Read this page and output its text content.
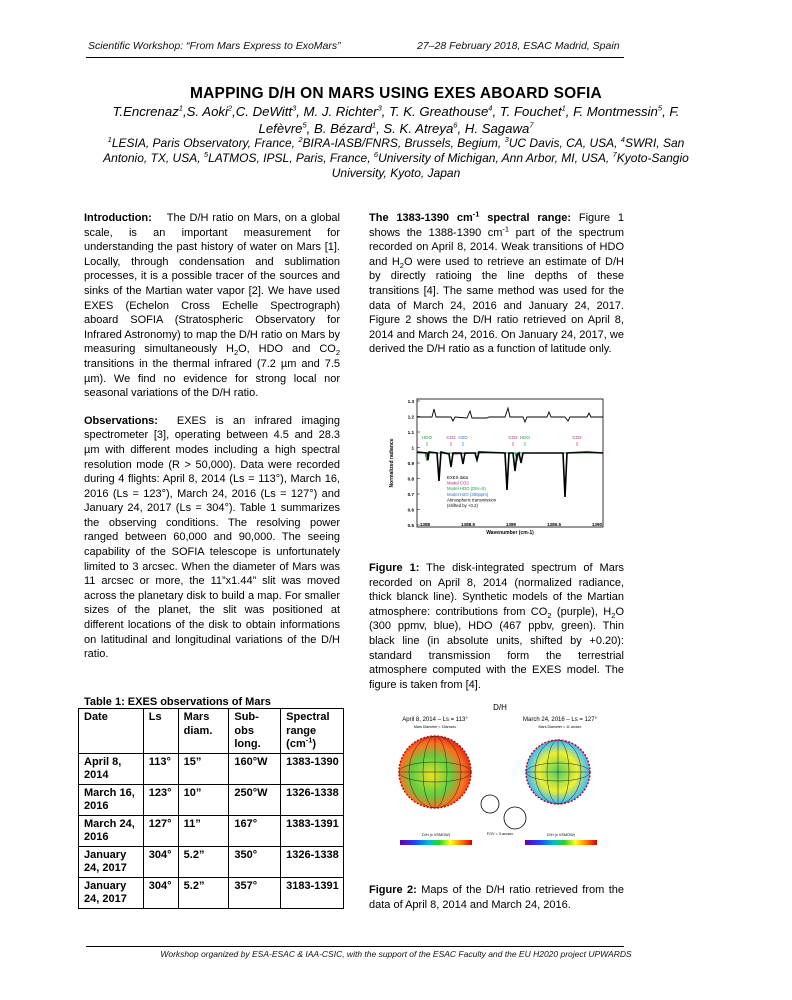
Scientific Workshop: “From Mars Express to ExoMars”	27–28 February 2018, ESAC Madrid, Spain
MAPPING D/H ON MARS USING EXES ABOARD SOFIA
T.Encrenaz$^1$,S. Aoki$^2$,C. DeWitt$^3$, M. J. Richter$^3$, T. K. Greathouse$^4$, T. Fouchet$^1$, F. Montmessin$^5$, F. Lefèvre$^5$, B. Bézard$^1$, S. K. Atreya$^6$, H. Sagawa$^7$
$^1$LESIA, Paris Observatory, France, $^2$BIRA-IASB/FNRS, Brussels, Begium, $^3$UC Davis, CA, USA, $^4$SWRI, San Antonio, TX, USA, $^5$LATMOS, IPSL, Paris, France, $^6$University of Michigan, Ann Arbor, MI, USA, $^7$Kyoto-Sangio University, Kyoto, Japan

Introduction: The D/H ratio on Mars, on a global scale, is an important measurement for understanding the past history of water on Mars [1]. Locally, through condensation and sublimation processes, it is a possible tracer of the sources and sinks of the Martian water vapor [2]. We have used EXES (Echelon Cross Echelle Spectrograph) aboard SOFIA (Stratospheric Observatory for Infrared Astronomy) to map the D/H ratio on Mars by measuring simultaneously $H_2O$, HDO and $CO_2$ transitions in the thermal infrared (7.2 µm and 7.5 µm). We find no evidence for strong local nor seasonal variations of the D/H ratio.

Observations: EXES is an infrared imaging spectrometer [3], operating between 4.5 and 28.3 µm with different modes including a high spectral resolution mode (R > 50,000). Data were recorded during 4 flights: April 8, 2014 (Ls = 113°), March 16, 2016 (Ls = 123°), March 24, 2016 (Ls = 127°) and January 24, 2017 (Ls = 304°). Table 1 summarizes the observing conditions. The resolving power ranged between 60,000 and 90,000. The seeing capability of the SOFIA telescope is unfortunately limited to 3 arcsec. When the diameter of Mars was 11 arcsec or more, the 11”x1.44” slit was moved across the planetary disk to build a map. For smaller sizes of the planet, the slit was positioned at different locations of the disk to obtain informations on latitudinal and longitudinal variations of the D/H ratio.

Table 1: EXES observations of Mars
Date	Ls	Mars diam.	Sub-obs long.	Spectral range $(cm^{-1})$
April 8, 2014	113°	15”	160°W	1383-1390
March 16, 2016	123°	10”	250°W	1326-1338
March 24, 2016	127°	11”	167°	1383-1391
January 24, 2017	304°	5.2”	350°	1326-1338
January 24, 2017	304°	5.2”	357°	3183-1391

The 1383-1390 $cm^{-1}$ spectral range: Figure 1 shows the 1388-1390 $cm^{-1}$ part of the spectrum recorded on April 8, 2014. Weak transitions of HDO and $H_2O$ were used to retrieve an estimate of D/H by directly ratioing the line depths of these transitions [4]. The same method was used for the data of March 24, 2016 and January 24, 2017. Figure 2 shows the D/H ratio retrieved on April 8, 2014 and March 24, 2016. On January 24, 2017, we derived the D/H ratio as a function of latitude only.

1.3
1.2
1.1
1
0.9
0.8
0.7
0.6
0.5 1388	1388.5	1389	1389.5	1390
HDO	CO2 H2O	CO2 HDO	CO2
EXES data
Model CO2
Model HDO (D/H=5)
Model H2O (300ppm)
Atmospheric transmission
(shifted by +0.2)
Normalized radiance
Wavenumber (cm-1)
Figure 1: The disk-integrated spectrum of Mars recorded on April 8, 2014 (normalized radiance, thick blanck line). Synthetic models of the Martian atmosphere: contributions from $CO_2$ (purple), $H_2O$ (300 ppmv, blue), HDO (467 ppbv, green). Thin black line (in absolute units, shifted by +0.20): standard transmission form the terrestrial atmosphere computed with the EXES model. The figure is taken from [4].
D/H
April 8, 2014 – Ls = 113°	March 24, 2016 – Ls = 127°
Mars Diameter = 15arcsec	Mars Diameter = 11 arcsec
FOV = 3 arcsec
D/H (x VSMOW)	D/H (x VSMOW)
Figure 2: Maps of the D/H ratio retrieved from the data of April 8, 2014 and March 24, 2016.
Workshop organized by ESA-ESAC & IAA-CSIC, with the support of the ESAC Faculty and the EU H2020 project UPWARDS
